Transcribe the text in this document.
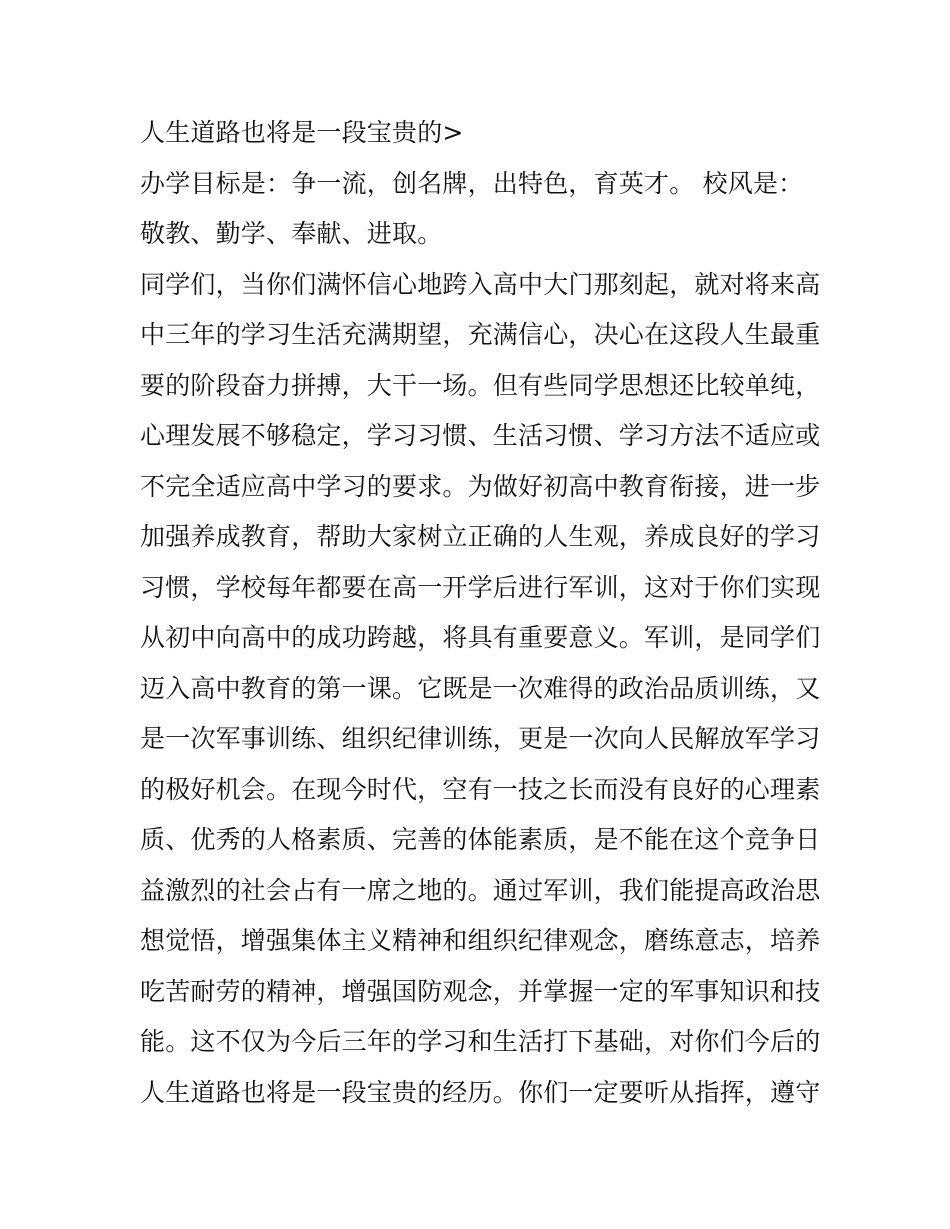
人生道路也将是一段宝贵的>
办学目标是：争一流，创名牌，出特色，育英才。 校风是：
敬教、勤学、奉献、进取。
同学们，当你们满怀信心地跨入高中大门那刻起，就对将来高
中三年的学习生活充满期望，充满信心，决心在这段人生最重
要的阶段奋力拼搏，大干一场。但有些同学思想还比较单纯，
心理发展不够稳定，学习习惯、生活习惯、学习方法不适应或
不完全适应高中学习的要求。为做好初高中教育衔接，进一步
加强养成教育，帮助大家树立正确的人生观，养成良好的学习
习惯，学校每年都要在高一开学后进行军训，这对于你们实现
从初中向高中的成功跨越，将具有重要意义。军训，是同学们
迈入高中教育的第一课。它既是一次难得的政治品质训练，又
是一次军事训练、组织纪律训练，更是一次向人民解放军学习
的极好机会。在现今时代，空有一技之长而没有良好的心理素
质、优秀的人格素质、完善的体能素质，是不能在这个竞争日
益激烈的社会占有一席之地的。通过军训，我们能提高政治思
想觉悟，增强集体主义精神和组织纪律观念，磨练意志，培养
吃苦耐劳的精神，增强国防观念，并掌握一定的军事知识和技
能。这不仅为今后三年的学习和生活打下基础，对你们今后的
人生道路也将是一段宝贵的经历。你们一定要听从指挥，遵守
